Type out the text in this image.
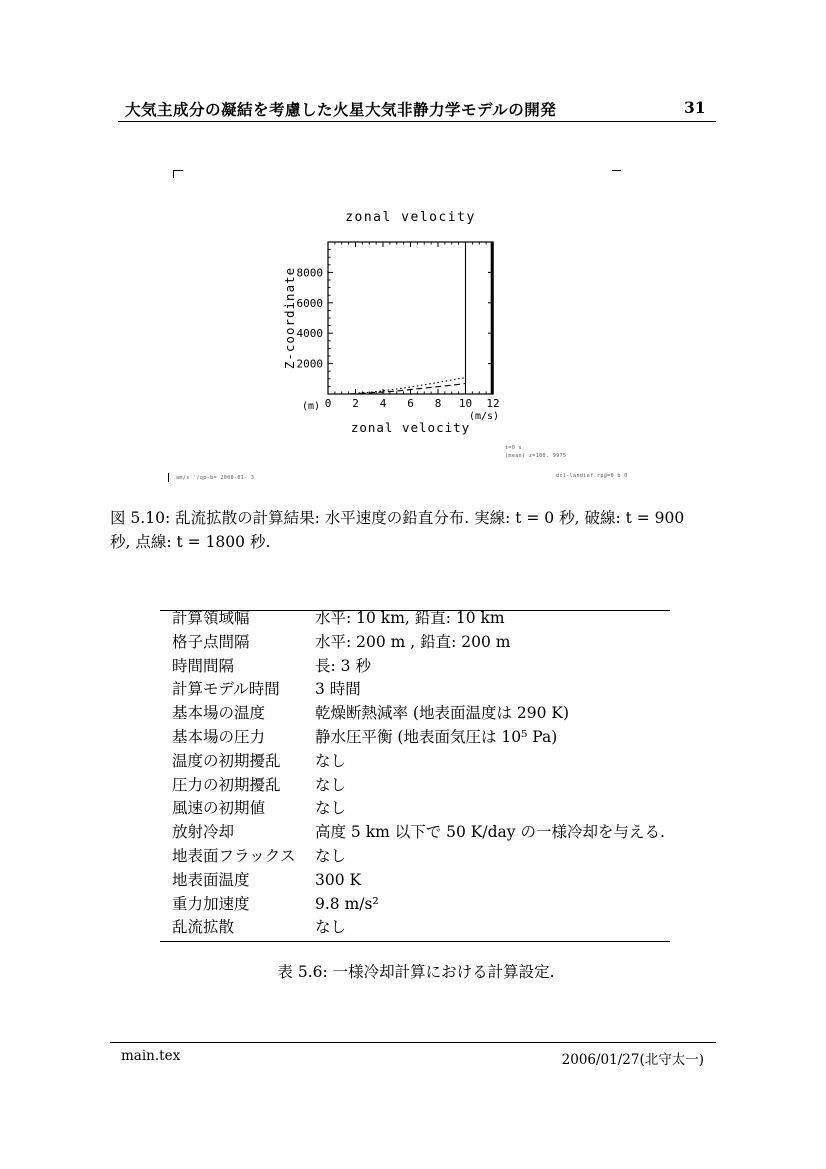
大気主成分の凝結を考慮した火星大気非静力学モデルの開発	31
zonal velocity
0 2 4 6 8 10 12
2000
4000
6000
8000
(m)
(m/s)
zonal velocity
Z-coordinate
t=0 s
(mean) z=100. 9975
am/s '/qp-b= 2000-01- 3	dcl-landief.rp@=0 b 0
図 5.10: 乱流拡散の計算結果: 水平速度の鉛直分布. 実線: t = 0 秒, 破線: t = 900
秒, 点線: t = 1800 秒.
計算領域幅	水平: 10 km, 鉛直: 10 km
格子点間隔	水平: 200 m , 鉛直: 200 m
時間間隔	長: 3 秒
計算モデル時間	3 時間
基本場の温度	乾燥断熱減率 (地表面温度は 290 K)
基本場の圧力	静水圧平衡 (地表面気圧は 10⁵ Pa)
温度の初期擾乱	なし
圧力の初期擾乱	なし
風速の初期値	なし
放射冷却	高度 5 km 以下で 50 K/day の一様冷却を与える.
地表面フラックス	なし
地表面温度	300 K
重力加速度	9.8 m/s²
乱流拡散	なし
表 5.6: 一様冷却計算における計算設定.
main.tex	2006/01/27(北守太一)
